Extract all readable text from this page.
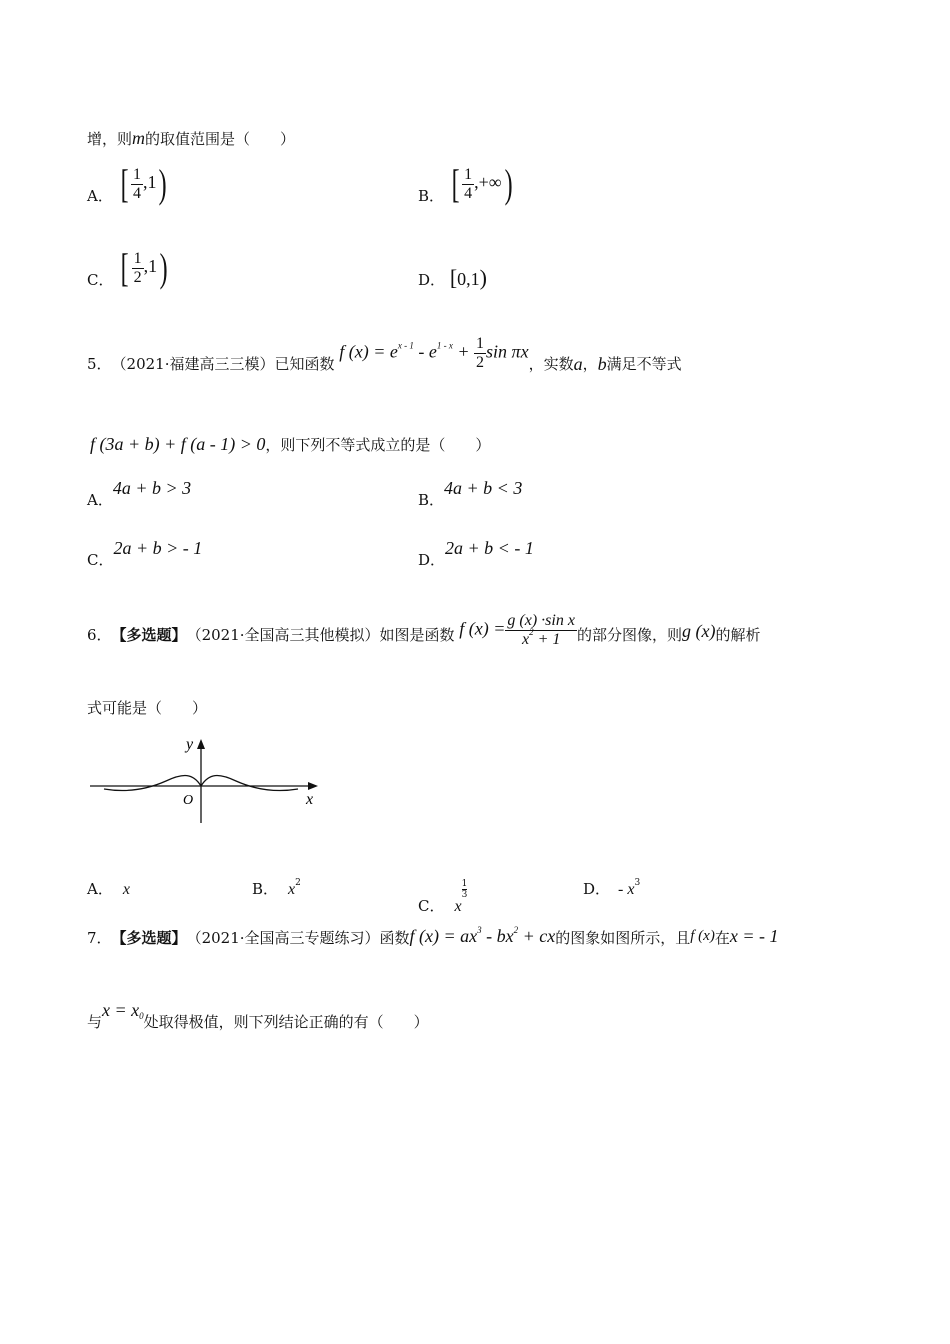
增，则m的取值范围是（　　）
A． [ $\frac{1}{4} ,1$)	B． [ $\frac{1}{4}$ ,+∞)
C． [ $\frac{1}{2} ,1$)	D． [0,1)
5．（2021·福建高三三模）已知函数 f $(x) = e^{x - 1} - e^{1 - x} + \frac{1}{2}$ sin πx，实数a，b满足不等式
f (3a + b) + f (a - 1) > 0，则下列不等式成立的是（　　）
A．4a + b > 3
B．4a + b < 3
C．2a + b > - 1
D．2a + b < - 1
6．【多选题】（2021·全国高三其他模拟）如图是函数 f $(x) = \frac{\text{g (x) ·sin x}}{x^2 + 1}$ 的部分图像，则g (x)的解析
式可能是（　　）
y
x
O
A． x	B． $x^2$
C． x
$\frac{1}{3}$	D． - $x^3$
7．【多选题】（2021·全国高三专题练习）函数f $(x) = ax^3 - bx^2$ + cx的图象如图所示，且f (x)在x = - 1
与$x = x_0$处取得极值，则下列结论正确的有（　　）
